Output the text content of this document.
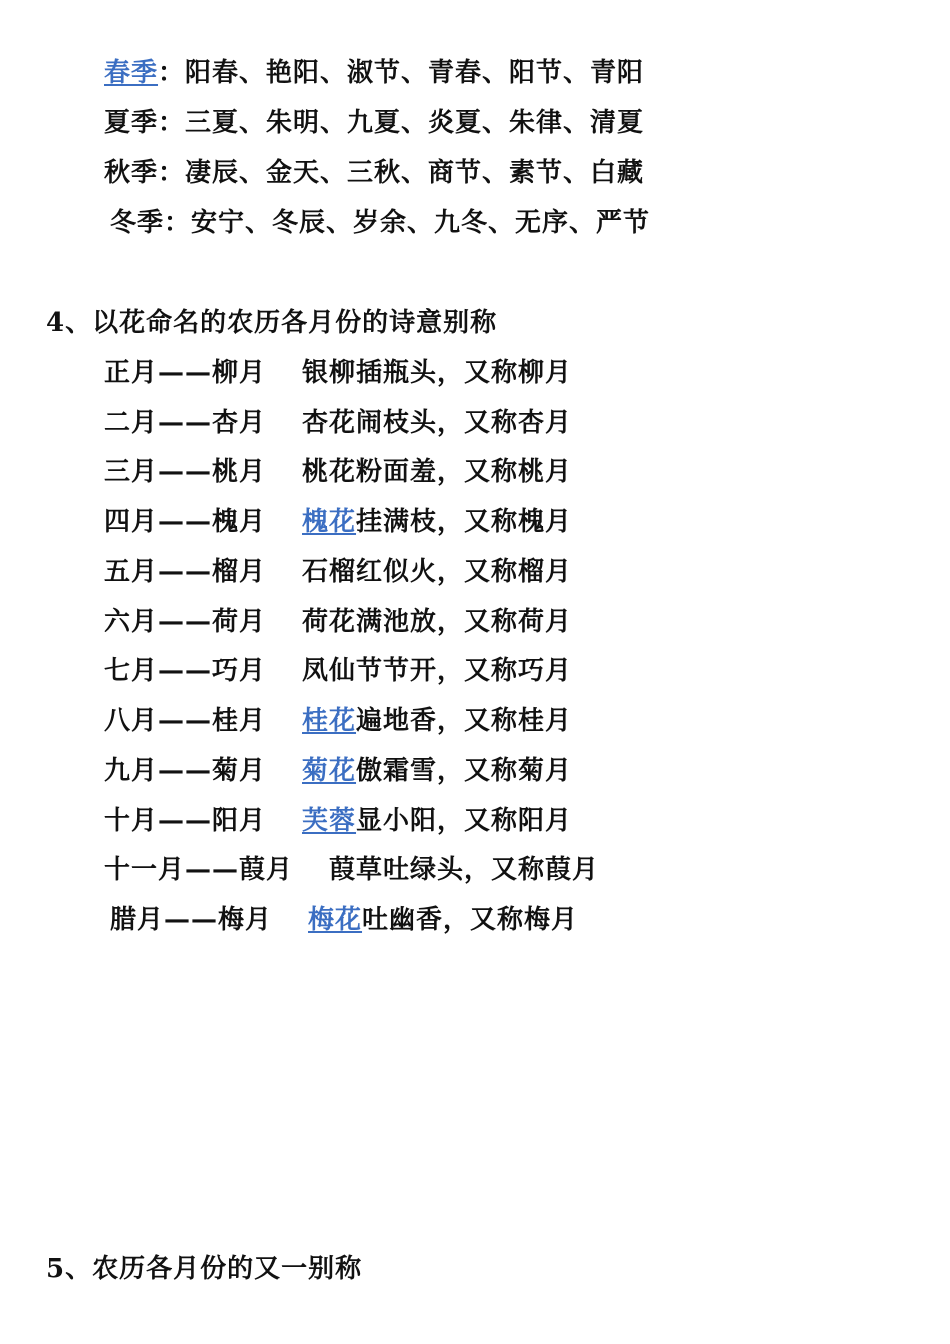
春季：阳春、艳阳、淑节、青春、阳节、青阳
夏季：三夏、朱明、九夏、炎夏、朱律、清夏
秋季：凄辰、金天、三秋、商节、素节、白藏
冬季：安宁、冬辰、岁余、九冬、无序、严节
4、以花命名的农历各月份的诗意别称
正月——柳月 银柳插瓶头，又称柳月
二月——杏月 杏花闹枝头，又称杏月
三月——桃月 桃花粉面羞，又称桃月
四月——槐月 槐花挂满枝，又称槐月
五月——榴月 石榴红似火，又称榴月
六月——荷月 荷花满池放，又称荷月
七月——巧月 凤仙节节开，又称巧月
八月——桂月 桂花遍地香，又称桂月
九月——菊月 菊花傲霜雪，又称菊月
十月——阳月 芙蓉显小阳，又称阳月
十一月——葭月 葭草吐绿头，又称葭月
腊月——梅月 梅花吐幽香，又称梅月
5、农历各月份的又一别称
